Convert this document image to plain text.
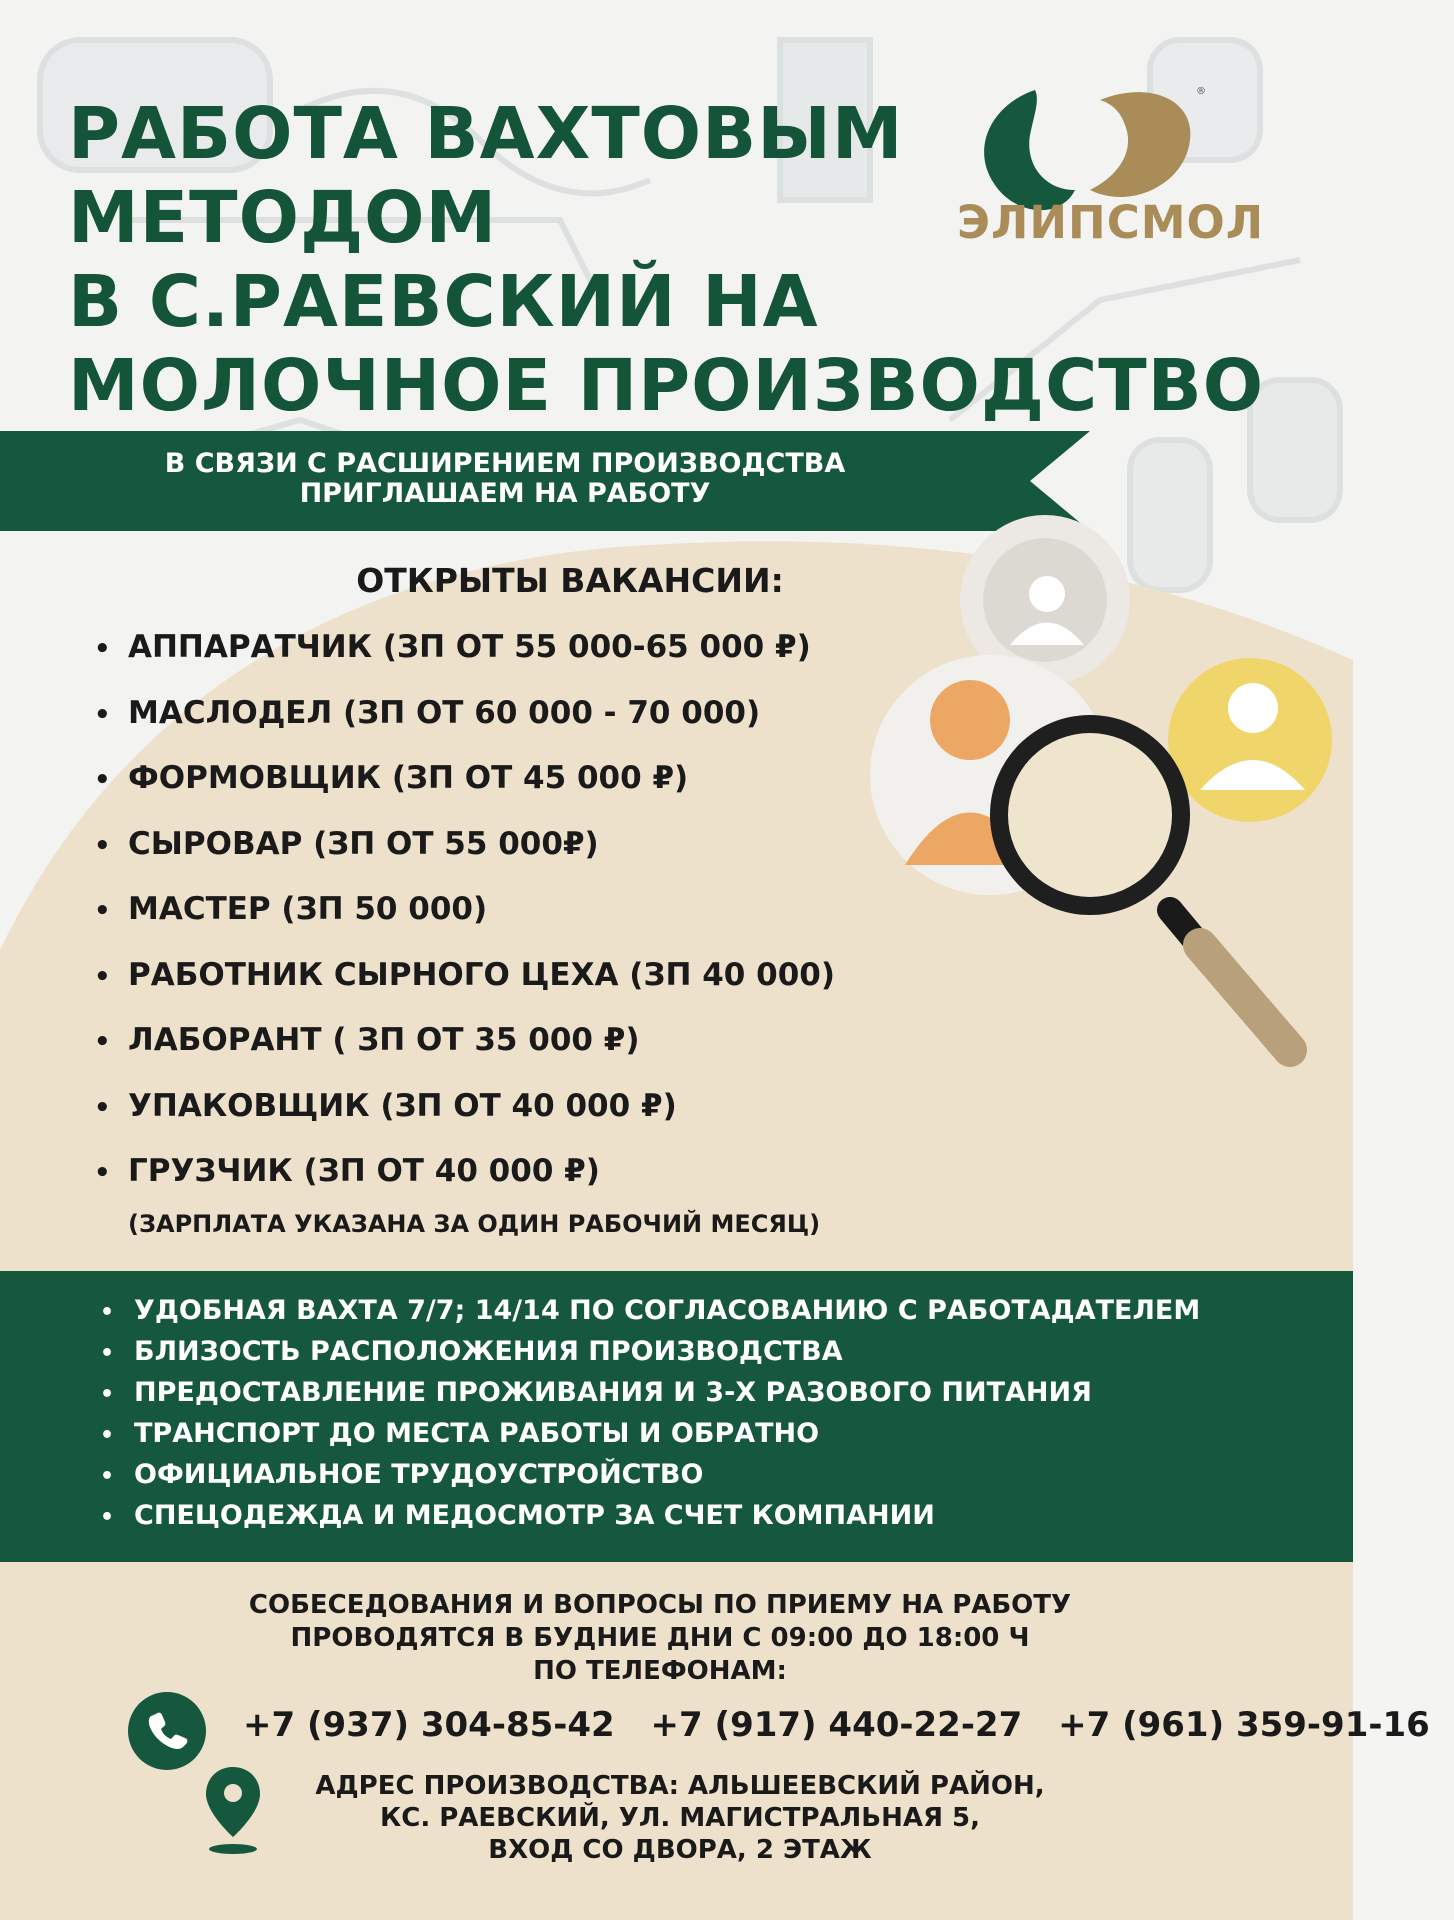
РАБОТА ВАХТОВЫМ
МЕТОДОМ
В С.РАЕВСКИЙ НА
МОЛОЧНОЕ ПРОИЗВОДСТВО
®
ЭЛИПСМОЛ
В СВЯЗИ С РАСШИРЕНИЕМ ПРОИЗВОДСТВА
ПРИГЛАШАЕМ НА РАБОТУ
ОТКРЫТЫ ВАКАНСИИ:
• АППАРАТЧИК (ЗП ОТ 55 000-65 000 ₽)
• МАСЛОДЕЛ (ЗП ОТ 60 000 - 70 000)
• ФОРМОВЩИК (ЗП ОТ 45 000 ₽)
• СЫРОВАР (ЗП ОТ 55 000₽)
• МАСТЕР (ЗП 50 000)
• РАБОТНИК СЫРНОГО ЦЕХА (ЗП 40 000)
• ЛАБОРАНТ ( ЗП ОТ 35 000 ₽)
• УПАКОВЩИК (ЗП ОТ 40 000 ₽)
• ГРУЗЧИК (ЗП ОТ 40 000 ₽)
(ЗАРПЛАТА УКАЗАНА ЗА ОДИН РАБОЧИЙ МЕСЯЦ)
• УДОБНАЯ ВАХТА 7/7; 14/14 ПО СОГЛАСОВАНИЮ С РАБОТАДАТЕЛЕМ
• БЛИЗОСТЬ РАСПОЛОЖЕНИЯ ПРОИЗВОДСТВА
• ПРЕДОСТАВЛЕНИЕ ПРОЖИВАНИЯ И 3-Х РАЗОВОГО ПИТАНИЯ
• ТРАНСПОРТ ДО МЕСТА РАБОТЫ И ОБРАТНО
• ОФИЦИАЛЬНОЕ ТРУДОУСТРОЙСТВО
• СПЕЦОДЕЖДА И МЕДОСМОТР ЗА СЧЕТ КОМПАНИИ
СОБЕСЕДОВАНИЯ И ВОПРОСЫ ПО ПРИЕМУ НА РАБОТУ
ПРОВОДЯТСЯ В БУДНИЕ ДНИ С 09:00 ДО 18:00 Ч
ПО ТЕЛЕФОНАМ:
+7 (937) 304-85-42 +7 (917) 440-22-27 +7 (961) 359-91-16
АДРЕС ПРОИЗВОДСТВА: АЛЬШЕЕВСКИЙ РАЙОН,
КС. РАЕВСКИЙ, УЛ. МАГИСТРАЛЬНАЯ 5,
ВХОД СО ДВОРА, 2 ЭТАЖ
